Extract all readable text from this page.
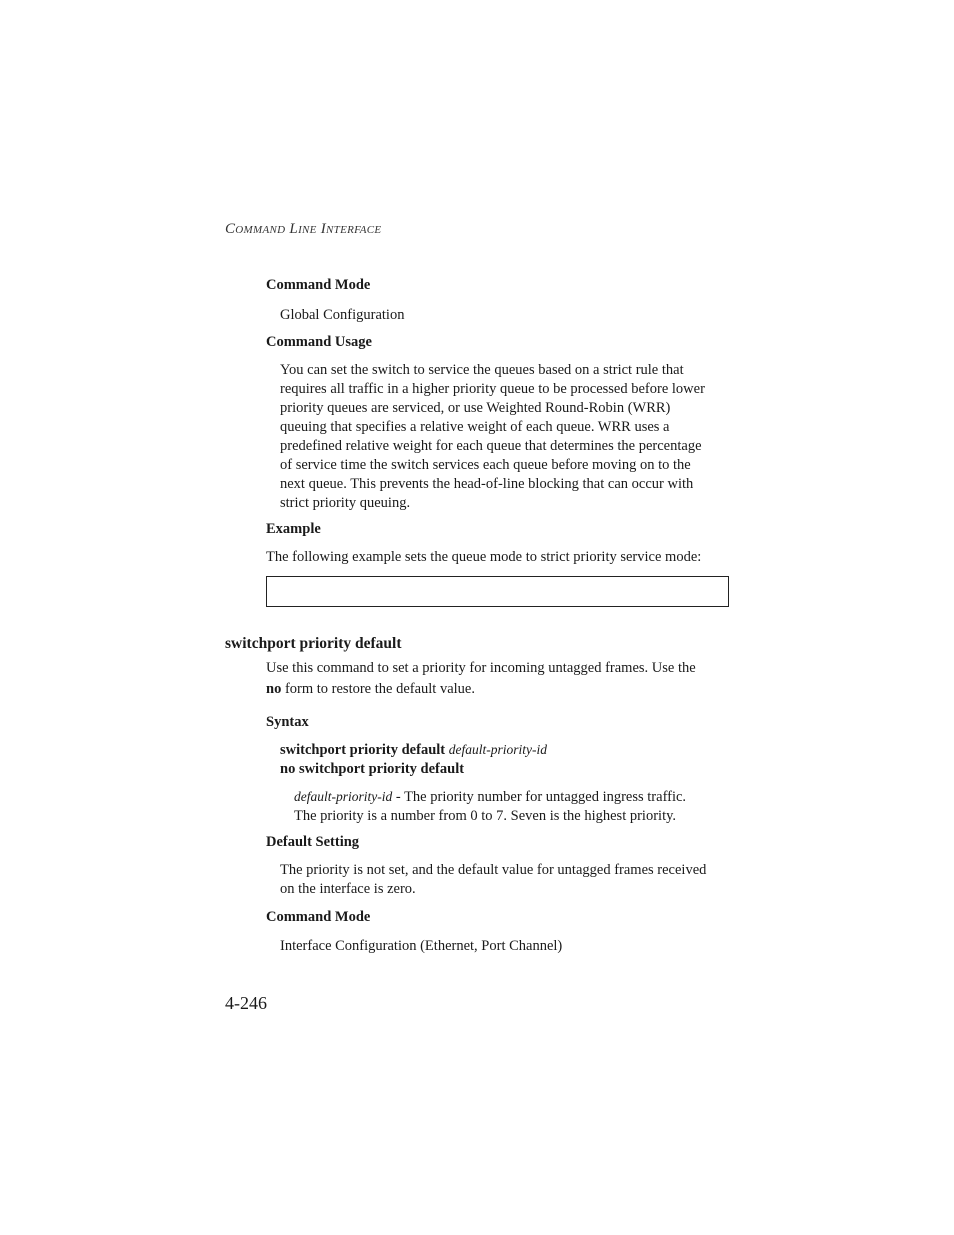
Command Line Interface
Command Mode
Global Configuration
Command Usage
You can set the switch to service the queues based on a strict rule that
requires all traffic in a higher priority queue to be processed before lower
priority queues are serviced, or use Weighted Round-Robin (WRR)
queuing that specifies a relative weight of each queue. WRR uses a
predefined relative weight for each queue that determines the percentage
of service time the switch services each queue before moving on to the
next queue. This prevents the head-of-line blocking that can occur with
strict priority queuing.
Example
The following example sets the queue mode to strict priority service mode:
switchport priority default
Use this command to set a priority for incoming untagged frames. Use the
no form to restore the default value.
Syntax
switchport priority default default-priority-id
no switchport priority default
default-priority-id - The priority number for untagged ingress traffic.
The priority is a number from 0 to 7. Seven is the highest priority.
Default Setting
The priority is not set, and the default value for untagged frames received
on the interface is zero.
Command Mode
Interface Configuration (Ethernet, Port Channel)
4-246
